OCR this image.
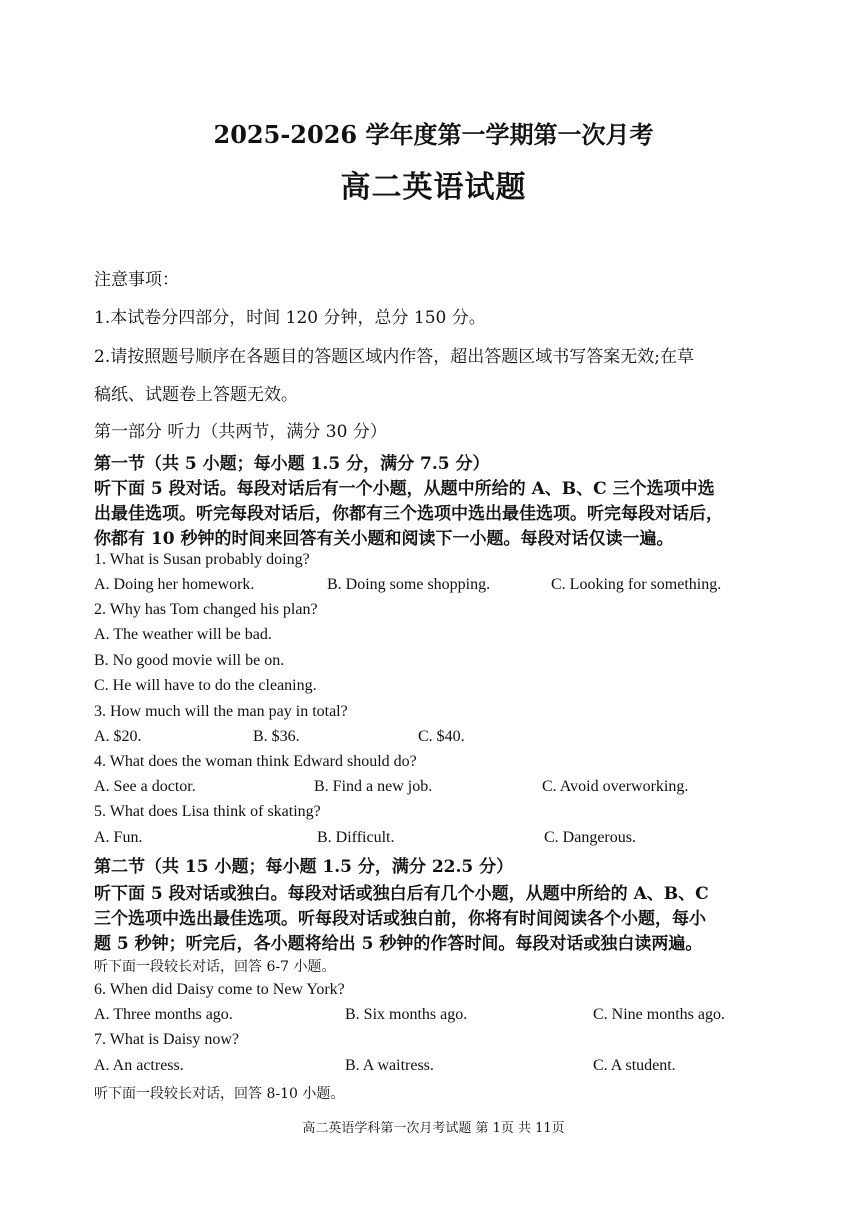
2025-2026 学年度第一学期第一次月考
高二英语试题
注意事项：
1.本试卷分四部分，时间 120 分钟，总分 150 分。
2.请按照题号顺序在各题目的答题区域内作答，超出答题区域书写答案无效;在草
稿纸、试题卷上答题无效。
第一部分 听力（共两节，满分 30 分）
第一节（共 5 小题；每小题 1.5 分，满分 7.5 分）
听下面 5 段对话。每段对话后有一个小题，从题中所给的 A、B、C 三个选项中选
出最佳选项。听完每段对话后，你都有三个选项中选出最佳选项。听完每段对话后，
你都有 10 秒钟的时间来回答有关小题和阅读下一小题。每段对话仅读一遍。
1. What is Susan probably doing?
A. Doing her homework.	B. Doing some shopping.	C. Looking for something.
2. Why has Tom changed his plan?
A. The weather will be bad.
B. No good movie will be on.
C. He will have to do the cleaning.
3. How much will the man pay in total?
A. $20.	B. $36.	C. $40.
4. What does the woman think Edward should do?
A. See a doctor.	B. Find a new job.	C. Avoid overworking.
5. What does Lisa think of skating?
A. Fun.	B. Difficult.	C. Dangerous.
第二节（共 15 小题；每小题 1.5 分，满分 22.5 分）
听下面 5 段对话或独白。每段对话或独白后有几个小题，从题中所给的 A、B、C
三个选项中选出最佳选项。听每段对话或独白前，你将有时间阅读各个小题，每小
题 5 秒钟；听完后，各小题将给出 5 秒钟的作答时间。每段对话或独白读两遍。
听下面一段较长对话，回答 6-7 小题。
6. When did Daisy come to New York?
A. Three months ago.	B. Six months ago.	C. Nine months ago.
7. What is Daisy now?
A. An actress.	B. A waitress.	C. A student.
听下面一段较长对话，回答 8-10 小题。
高二英语学科第一次月考试题 第 1页 共 11页
